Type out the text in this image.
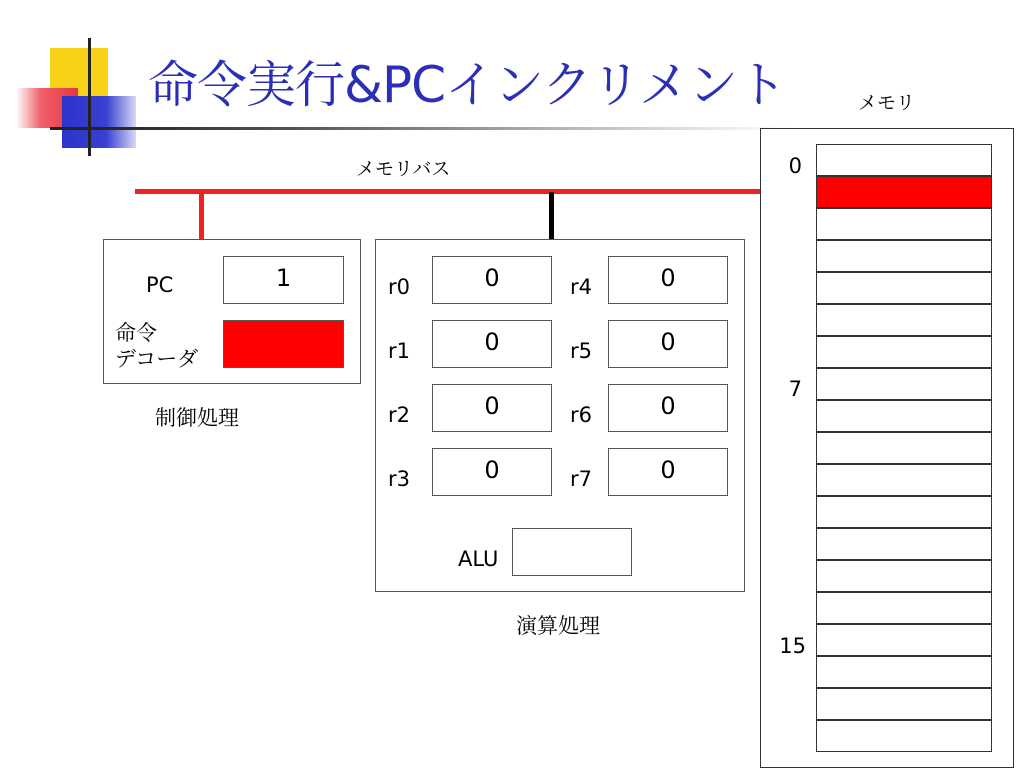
命令実行&PCインクリメント	メモリ
メモリバス
PC	1
命令
デコーダ
制御処理
r0	0
r1	0
r2	0
r3	0
r4	0
r5	0
r6	0
r7	0
ALU
演算処理
0
7
15
